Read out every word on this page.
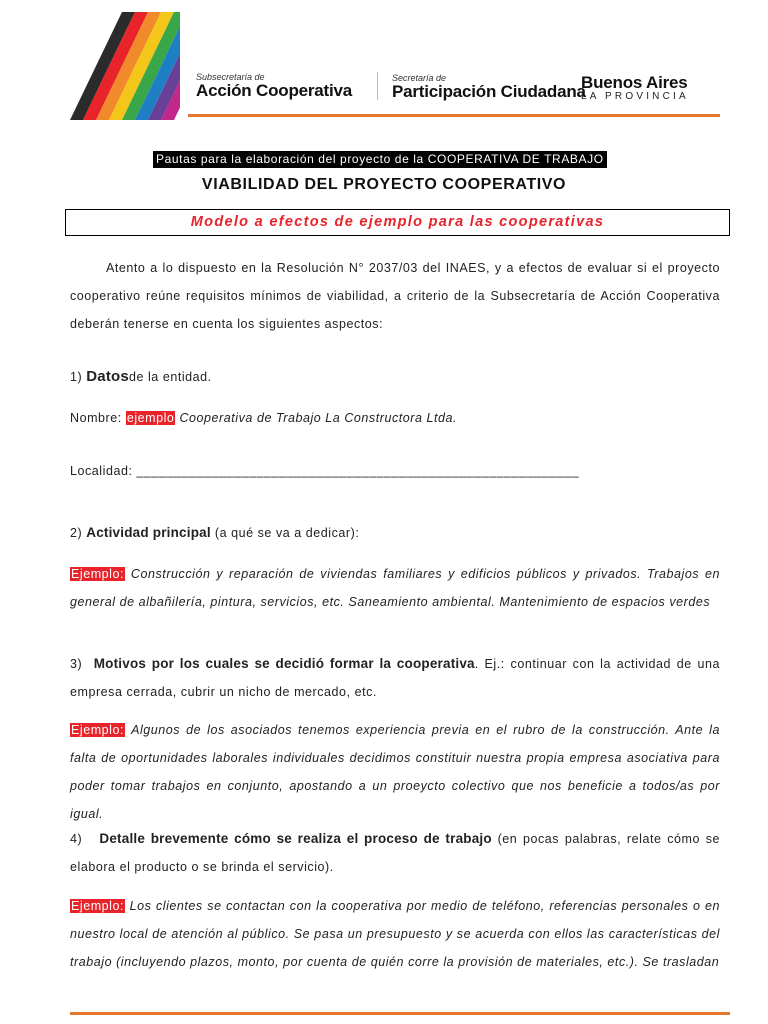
Subsecretaría de
Acción Cooperativa
Secretaría de
Participación Ciudadana
Buenos Aires
LA PROVINCIA
Pautas para la elaboración del proyecto de la COOPERATIVA DE TRABAJO
VIABILIDAD DEL PROYECTO COOPERATIVO
Modelo a efectos de ejemplo para las cooperativas
Atento a lo dispuesto en la Resolución N° 2037/03 del INAES, y a efectos de evaluar si el proyecto cooperativo reúne requisitos mínimos de viabilidad, a criterio de la Subsecretaría de Acción Cooperativa deberán tenerse en cuenta los siguientes aspectos:
1) Datosde la entidad.
Nombre: ejemplo Cooperativa de Trabajo La Constructora Ltda.
Localidad: ___________________________________________________________
2) Actividad principal (a qué se va a dedicar):
Ejemplo: Construcción y reparación de viviendas familiares y edificios públicos y privados. Trabajos en general de albañilería, pintura, servicios, etc. Saneamiento ambiental. Mantenimiento de espacios verdes
3) Motivos por los cuales se decidió formar la cooperativa. Ej.: continuar con la actividad de una empresa cerrada, cubrir un nicho de mercado, etc.
Ejemplo: Algunos de los asociados tenemos experiencia previa en el rubro de la construcción. Ante la falta de oportunidades laborales individuales decidimos constituir nuestra propia empresa asociativa para poder tomar trabajos en conjunto, apostando a un proeycto colectivo que nos beneficie a todos/as por igual.
4) Detalle brevemente cómo se realiza el proceso de trabajo (en pocas palabras, relate cómo se elabora el producto o se brinda el servicio).
Ejemplo: Los clientes se contactan con la cooperativa por medio de teléfono, referencias personales o en nuestro local de atención al público. Se pasa un presupuesto y se acuerda con ellos las características del trabajo (incluyendo plazos, monto, por cuenta de quién corre la provisión de materiales, etc.). Se trasladan
